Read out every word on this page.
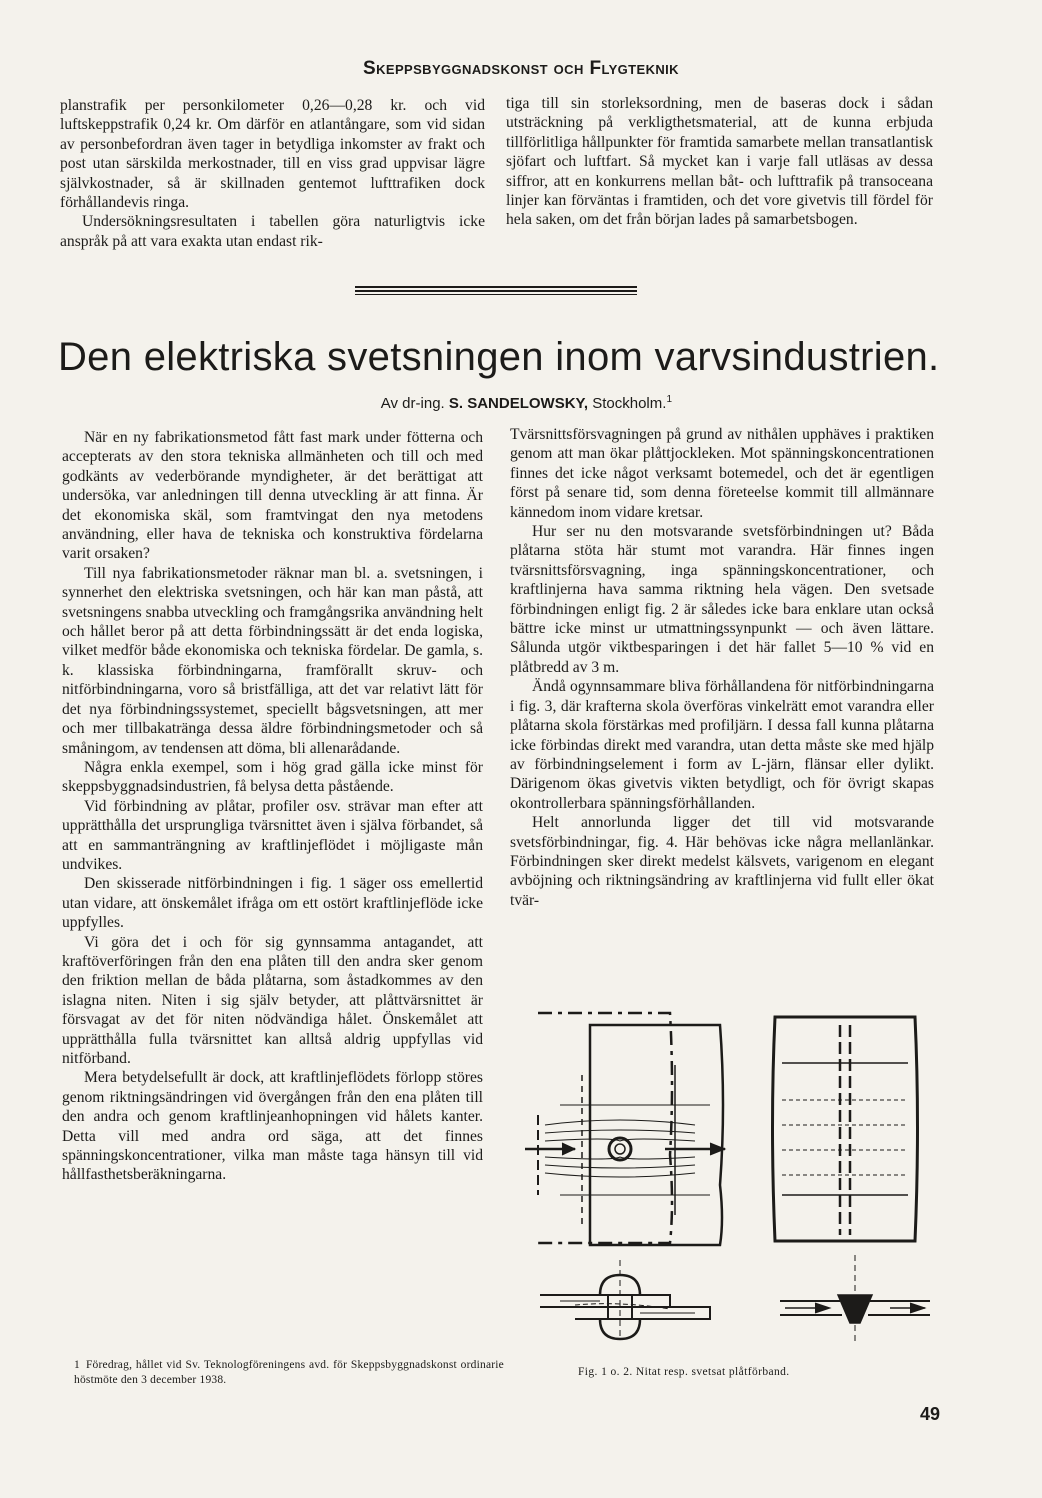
Skeppsbyggnadskonst och Flygteknik

planstrafik per personkilometer 0,26—0,28 kr. och vid luftskeppstrafik 0,24 kr. Om därför en atlantångare, som vid sidan av personbefordran även tager in betydliga inkomster av frakt och post utan särskilda merkostnader, till en viss grad uppvisar lägre självkostnader, så är skillnaden gentemot lufttrafiken dock förhållandevis ringa.

Undersökningsresultaten i tabellen göra naturligtvis icke anspråk på att vara exakta utan endast rik-

tiga till sin storleksordning, men de baseras dock i sådan utsträckning på verkligthetsmaterial, att de kunna erbjuda tillförlitliga hållpunkter för framtida samarbete mellan transatlantisk sjöfart och luftfart. Så mycket kan i varje fall utläsas av dessa siffror, att en konkurrens mellan båt- och lufttrafik på transoceana linjer kan förväntas i framtiden, och det vore givetvis till fördel för hela saken, om det från början lades på samarbetsbogen.

Den elektriska svetsningen inom varvsindustrien.
Av dr-ing. S. SANDELOWSKY, Stockholm.$^1$

När en ny fabrikationsmetod fått fast mark under fötterna och accepterats av den stora tekniska allmänheten och till och med godkänts av vederbörande myndigheter, är det berättigat att undersöka, var anledningen till denna utveckling är att finna. Är det ekonomiska skäl, som framtvingat den nya metodens användning, eller hava de tekniska och konstruktiva fördelarna varit orsaken?

Till nya fabrikationsmetoder räknar man bl. a. svetsningen, i synnerhet den elektriska svetsningen, och här kan man påstå, att svetsningens snabba utveckling och framgångsrika användning helt och hållet beror på att detta förbindningssätt är det enda logiska, vilket medför både ekonomiska och tekniska fördelar. De gamla, s. k. klassiska förbindningarna, framförallt skruv- och nitförbindningarna, voro så bristfälliga, att det var relativt lätt för det nya förbindningssystemet, speciellt bågsvetsningen, att mer och mer tillbakatränga dessa äldre förbindningsmetoder och så småningom, av tendensen att döma, bli allenarådande.

Några enkla exempel, som i hög grad gälla icke minst för skeppsbyggnadsindustrien, få belysa detta påstående.

Vid förbindning av plåtar, profiler osv. strävar man efter att upprätthålla det ursprungliga tvärsnittet även i själva förbandet, så att en sammanträngning av kraftlinjeflödet i möjligaste mån undvikes.

Den skisserade nitförbindningen i fig. 1 säger oss emellertid utan vidare, att önskemålet ifråga om ett ostört kraftlinjeflöde icke uppfylles.

Vi göra det i och för sig gynnsamma antagandet, att kraftöverföringen från den ena plåten till den andra sker genom den friktion mellan de båda plåtarna, som åstadkommes av den islagna niten. Niten i sig själv betyder, att plåttvärsnittet är försvagat av det för niten nödvändiga hålet. Önskemålet att upprätthålla fulla tvärsnittet kan alltså aldrig uppfyllas vid nitförband.

Mera betydelsefullt är dock, att kraftlinjeflödets förlopp störes genom riktningsändringen vid övergången från den ena plåten till den andra och genom kraftlinjeanhopningen vid hålets kanter. Detta vill med andra ord säga, att det finnes spänningskoncentrationer, vilka man måste taga hänsyn till vid hållfasthetsberäkningarna.

Tvärsnittsförsvagningen på grund av nithålen upphäves i praktiken genom att man ökar plåttjockleken. Mot spänningskoncentrationen finnes det icke något verksamt botemedel, och det är egentligen först på senare tid, som denna företeelse kommit till allmännare kännedom inom vidare kretsar.

Hur ser nu den motsvarande svetsförbindningen ut? Båda plåtarna stöta här stumt mot varandra. Här finnes ingen tvärsnittsförsvagning, inga spänningskoncentrationer, och kraftlinjerna hava samma riktning hela vägen. Den svetsade förbindningen enligt fig. 2 är således icke bara enklare utan också bättre icke minst ur utmattningssynpunkt — och även lättare. Sålunda utgör viktbesparingen i det här fallet 5—10 % vid en plåtbredd av 3 m.

Ändå ogynnsammare bliva förhållandena för nitförbindningarna i fig. 3, där krafterna skola överföras vinkelrätt emot varandra eller plåtarna skola förstärkas med profiljärn. I dessa fall kunna plåtarna icke förbindas direkt med varandra, utan detta måste ske med hjälp av förbindningselement i form av L-järn, flänsar eller dylikt. Därigenom ökas givetvis vikten betydligt, och för övrigt skapas okontrollerbara spänningsförhållanden.

Helt annorlunda ligger det till vid motsvarande svetsförbindningar, fig. 4. Här behövas icke några mellanlänkar. Förbindningen sker direkt medelst kälsvets, varigenom en elegant avböjning och riktningsändring av kraftlinjerna vid fullt eller ökat tvär-

Fig. 1 o. 2. Nitat resp. svetsat plåtförband.
1 Föredrag, hållet vid Sv. Teknologföreningens avd. för Skeppsbyggnadskonst ordinarie höstmöte den 3 december 1938.
49
